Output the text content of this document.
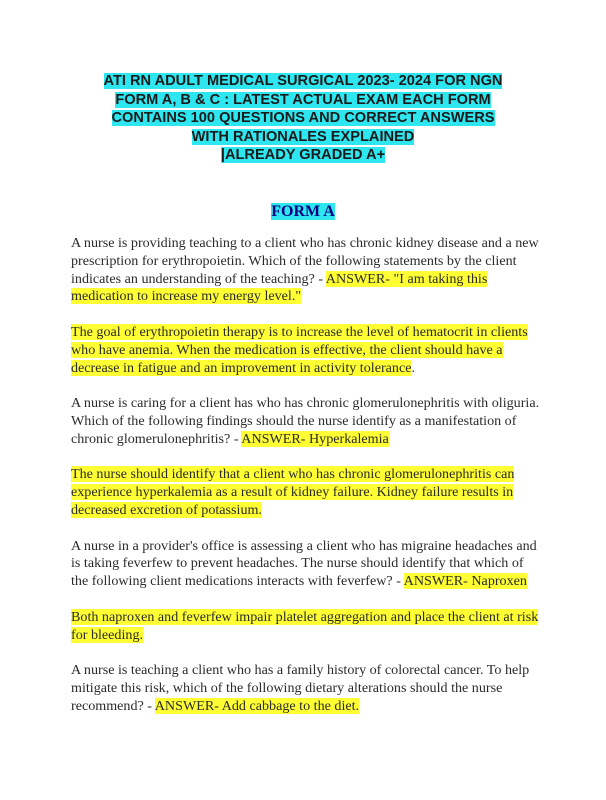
ATI RN ADULT MEDICAL SURGICAL 2023- 2024 FOR NGN
FORM A, B & C : LATEST ACTUAL EXAM EACH FORM
CONTAINS 100 QUESTIONS AND CORRECT ANSWERS
WITH RATIONALES EXPLAINED
|ALREADY GRADED A+
FORM A

A nurse is providing teaching to a client who has chronic kidney disease and a new prescription for erythropoietin. Which of the following statements by the client indicates an understanding of the teaching? - ANSWER- "I am taking this medication to increase my energy level."

The goal of erythropoietin therapy is to increase the level of hematocrit in clients who have anemia. When the medication is effective, the client should have a decrease in fatigue and an improvement in activity tolerance.

A nurse is caring for a client has who has chronic glomerulonephritis with oliguria. Which of the following findings should the nurse identify as a manifestation of chronic glomerulonephritis? - ANSWER- Hyperkalemia

The nurse should identify that a client who has chronic glomerulonephritis can experience hyperkalemia as a result of kidney failure. Kidney failure results in decreased excretion of potassium.

A nurse in a provider's office is assessing a client who has migraine headaches and is taking feverfew to prevent headaches. The nurse should identify that which of the following client medications interacts with feverfew? - ANSWER- Naproxen

Both naproxen and feverfew impair platelet aggregation and place the client at risk for bleeding.

A nurse is teaching a client who has a family history of colorectal cancer. To help mitigate this risk, which of the following dietary alterations should the nurse recommend? - ANSWER- Add cabbage to the diet.
